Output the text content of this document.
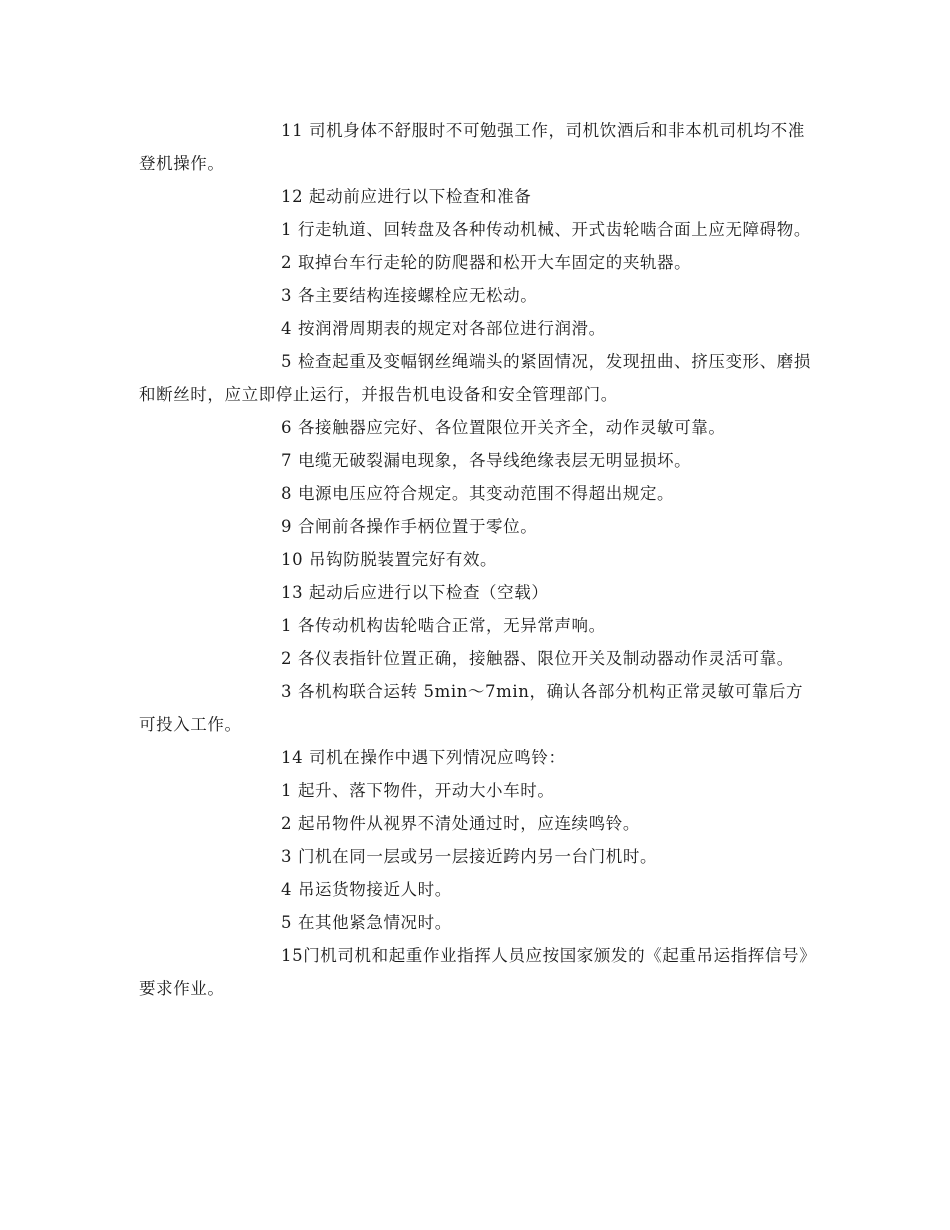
11 司机身体不舒服时不可勉强工作，司机饮酒后和非本机司机均不准登机操作。

12 起动前应进行以下检查和准备

1 行走轨道、回转盘及各种传动机械、开式齿轮啮合面上应无障碍物。

2 取掉台车行走轮的防爬器和松开大车固定的夹轨器。

3 各主要结构连接螺栓应无松动。

4 按润滑周期表的规定对各部位进行润滑。

5 检查起重及变幅钢丝绳端头的紧固情况，发现扭曲、挤压变形、磨损和断丝时，应立即停止运行，并报告机电设备和安全管理部门。

6 各接触器应完好、各位置限位开关齐全，动作灵敏可靠。

7 电缆无破裂漏电现象，各导线绝缘表层无明显损坏。

8 电源电压应符合规定。其变动范围不得超出规定。

9 合闸前各操作手柄位置于零位。

10 吊钩防脱装置完好有效。

13 起动后应进行以下检查（空载）

1 各传动机构齿轮啮合正常，无异常声响。

2 各仪表指针位置正确，接触器、限位开关及制动器动作灵活可靠。

3 各机构联合运转 5min～7min，确认各部分机构正常灵敏可靠后方可投入工作。

14 司机在操作中遇下列情况应鸣铃：

1 起升、落下物件，开动大小车时。

2 起吊物件从视界不清处通过时，应连续鸣铃。

3 门机在同一层或另一层接近跨内另一台门机时。

4 吊运货物接近人时。

5 在其他紧急情况时。

15门机司机和起重作业指挥人员应按国家颁发的《起重吊运指挥信号》要求作业。
